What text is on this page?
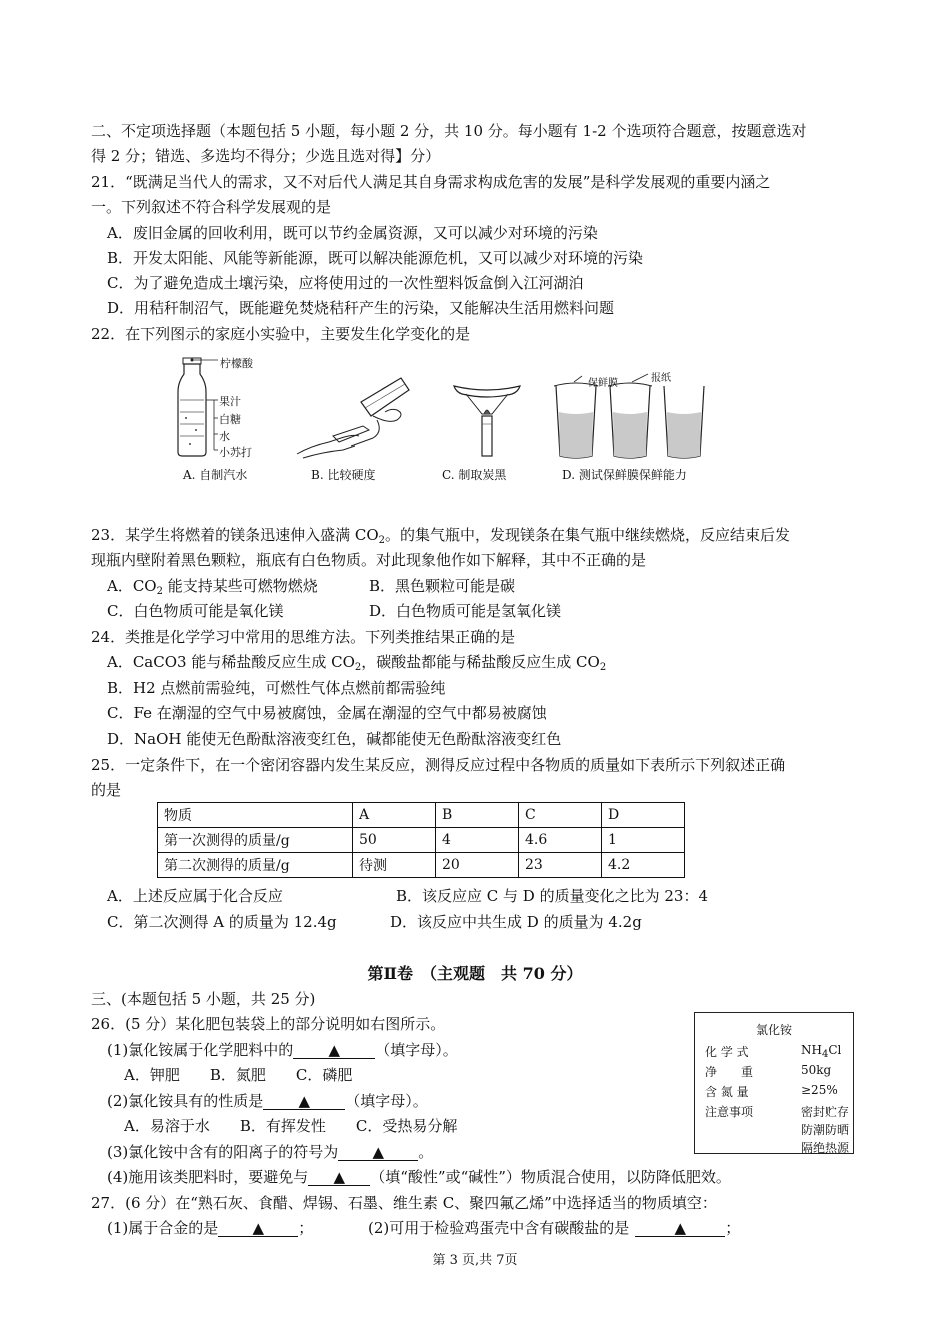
二、不定项选择题（本题包括 5 小题，每小题 2 分，共 10 分。每小题有 1-2 个选项符合题意，按题意选对
得 2 分；错选、多选均不得分；少选且选对得】分）
21．“既满足当代人的需求，又不对后代人满足其自身需求构成危害的发展”是科学发展观的重要内涵之
一。下列叙述不符合科学发展观的是
A．废旧金属的回收利用，既可以节约金属资源，又可以减少对环境的污染
B．开发太阳能、风能等新能源，既可以解决能源危机，又可以减少对环境的污染
C．为了避免造成土壤污染，应将使用过的一次性塑料饭盒倒入江河湖泊
D．用秸秆制沼气，既能避免焚烧秸秆产生的污染，又能解决生活用燃料问题
22．在下列图示的家庭小实验中，主要发生化学变化的是
柠檬酸
果汁
白糖
水
小苏打
A. 自制汽水	B. 比较硬度	C. 制取炭黑
保鲜膜	报纸
D. 测试保鲜膜保鲜能力
23．某学生将燃着的镁条迅速伸入盛满 $CO_2$。的集气瓶中，发现镁条在集气瓶中继续燃烧，反应结束后发
现瓶内壁附着黑色颗粒，瓶底有白色物质。对此现象他作如下解释，其中不正确的是
A．$CO_2$ 能支持某些可燃物燃烧	B．黑色颗粒可能是碳
C．白色物质可能是氧化镁	D．白色物质可能是氢氧化镁
24．类推是化学学习中常用的思维方法。下列类推结果正确的是
A．CaCO3 能与稀盐酸反应生成 $CO_2$，碳酸盐都能与稀盐酸反应生成 $CO_2$
B．H2 点燃前需验纯，可燃性气体点燃前都需验纯
C．Fe 在潮湿的空气中易被腐蚀，金属在潮湿的空气中都易被腐蚀
D．NaOH 能使无色酚酞溶液变红色，碱都能使无色酚酞溶液变红色
25．一定条件下，在一个密闭容器内发生某反应，测得反应过程中各物质的质量如下表所示下列叙述正确
的是
物质	A	B	C	D
第一次测得的质量/g	50	4	4.6	1
第二次测得的质量/g	待测	20	23	4.2
A．上述反应属于化合反应	B．该反应应 C 与 D 的质量变化之比为 23：4
C．第二次测得 A 的质量为 12.4g	D．该反应中共生成 D 的质量为 4.2g
第Ⅱ卷　（主观题　共 70 分）
三、(本题包括 5 小题，共 25 分)
26．(5 分）某化肥包装袋上的部分说明如右图所示。
(1)氯化铵属于化学肥料中的 ▲ （填字母）。
A．钾肥　　B．氮肥　　C．磷肥
(2)氯化铵具有的性质是 ▲ （填字母）。
A．易溶于水　　B．有挥发性　　C．受热易分解
(3)氯化铵中含有的阳离子的符号为 ▲ 。
(4)施用该类肥料时，要避免与 ▲ （填“酸性”或“碱性”）物质混合使用，以防降低肥效。
氯化铵
化 学 式	$NH_4Cl$
净　　重	50kg
含 氮 量	≥25%
注意事项	密封贮存
防潮防晒
隔绝热源
27．(6 分）在“熟石灰、食醋、焊锡、石墨、维生素 C、聚四氟乙烯”中选择适当的物质填空：
(1)属于合金的是 ▲ ；	(2)可用于检验鸡蛋壳中含有碳酸盐的是	▲	；
第 3 页,共 7页
